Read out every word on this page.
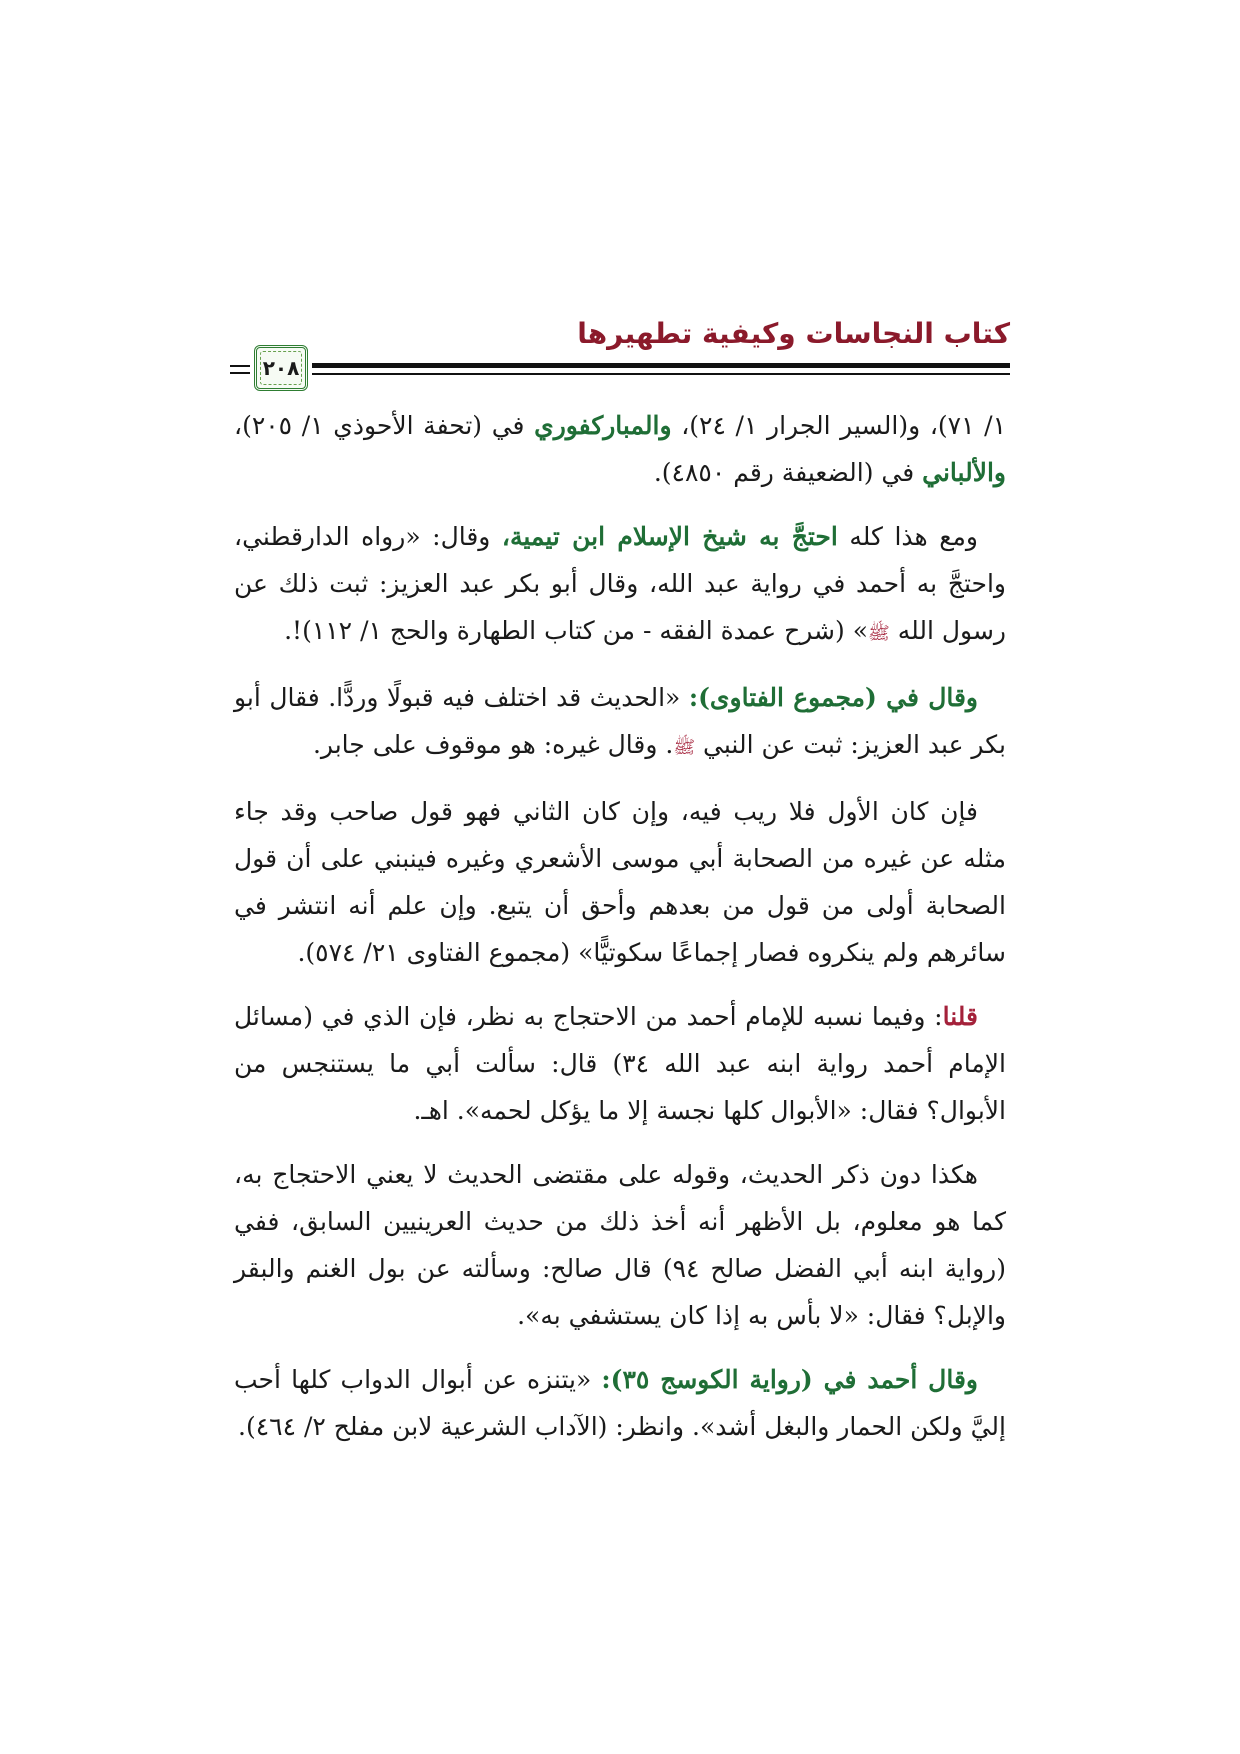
كتاب النجاسات وكيفية تطهيرها
٢٠٨

١/ ٧١)، و(السير الجرار ١/ ٢٤)، والمباركفوري في (تحفة الأحوذي ١/ ٢٠٥)، والألباني في (الضعيفة رقم ٤٨٥٠).

ومع هذا كله احتجَّ به شيخ الإسلام ابن تيمية، وقال: «رواه الدارقطني، واحتجَّ به أحمد في رواية عبد الله، وقال أبو بكر عبد العزيز: ثبت ذلك عن رسول الله ﷺ» (شرح عمدة الفقه - من كتاب الطهارة والحج ١/ ١١٢)!.

وقال في (مجموع الفتاوى): «الحديث قد اختلف فيه قبولًا وردًّا. فقال أبو بكر عبد العزيز: ثبت عن النبي ﷺ. وقال غيره: هو موقوف على جابر.

فإن كان الأول فلا ريب فيه، وإن كان الثاني فهو قول صاحب وقد جاء مثله عن غيره من الصحابة أبي موسى الأشعري وغيره فينبني على أن قول الصحابة أولى من قول من بعدهم وأحق أن يتبع. وإن علم أنه انتشر في سائرهم ولم ينكروه فصار إجماعًا سكوتيًّا» (مجموع الفتاوى ٢١/ ٥٧٤).

قلنا: وفيما نسبه للإمام أحمد من الاحتجاج به نظر، فإن الذي في (مسائل الإمام أحمد رواية ابنه عبد الله ٣٤) قال: سألت أبي ما يستنجس من الأبوال؟ فقال: «الأبوال كلها نجسة إلا ما يؤكل لحمه». اهـ.

هكذا دون ذكر الحديث، وقوله على مقتضى الحديث لا يعني الاحتجاج به، كما هو معلوم، بل الأظهر أنه أخذ ذلك من حديث العرينيين السابق، ففي (رواية ابنه أبي الفضل صالح ٩٤) قال صالح: وسألته عن بول الغنم والبقر والإبل؟ فقال: «لا بأس به إذا كان يستشفي به».

وقال أحمد في (رواية الكوسج ٣٥): «يتنزه عن أبوال الدواب كلها أحب إليَّ ولكن الحمار والبغل أشد». وانظر: (الآداب الشرعية لابن مفلح ٢/ ٤٦٤).
